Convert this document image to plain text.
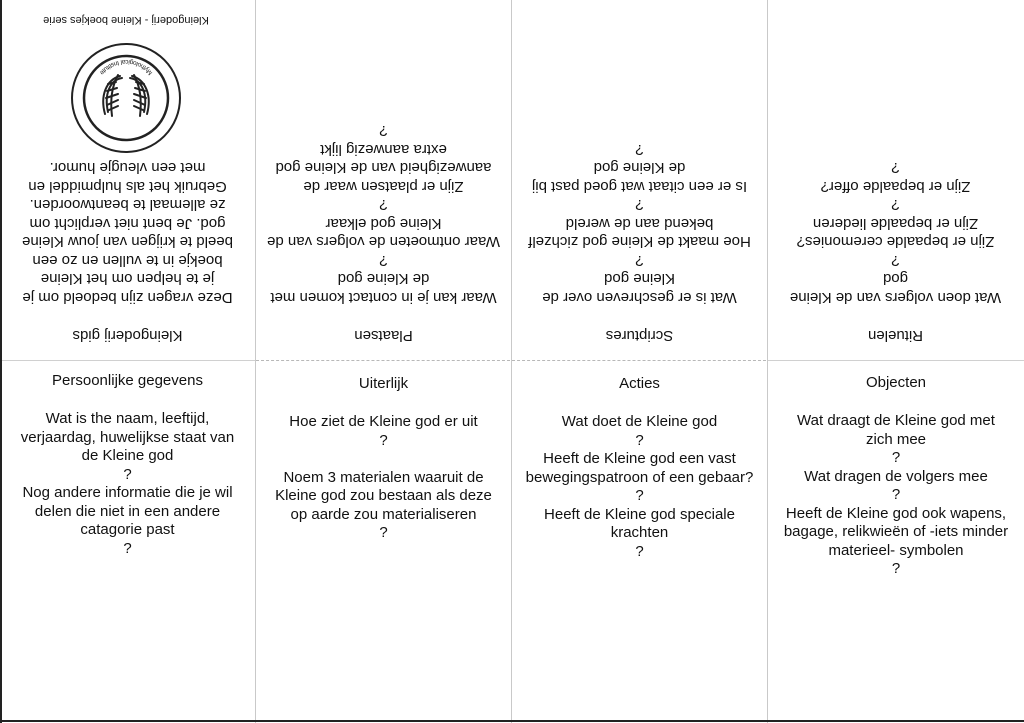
Kleingoderij - Kleine boekjes serie
Mythological Institute
Kleingoderij gids
Deze vragen zijn bedoeld om je
je te helpen om het Kleine
boekje in te vullen en zo een
beeld te krijgen van jouw Kleine
god. Je bent niet verplicht om
ze allemaal te beantwoorden.
Gebruik het als hulpmiddel en
met een vleugje humor.
Plaatsen
Waar kan je in contact komen met
de Kleine god
?
Waar ontmoeten de volgers van de
Kleine god elkaar
?
Zijn er plaatsen waar de
aanwezigheid van de Kleine god
extra aanwezig lijkt
?
Scriptures
Wat is er geschreven over de
Kleine god
?
Hoe maakt de Kleine god zichzelf
bekend aan de wereld
?
Is er een citaat wat goed past bij
de Kleine god
?
Rituelen
Wat doen volgers van de Kleine
god
?
Zijn er bepaalde ceremonies?
Zijn er bepaalde liederen
?
Zijn er bepaalde offer?
?
Persoonlijke gegevens
Wat is the naam, leeftijd,
verjaardag, huwelijkse staat van
de Kleine god
?
Nog andere informatie die je wil
delen die niet in een andere
catagorie past
?
Uiterlijk
Hoe ziet de Kleine god er uit
?
Noem 3 materialen waaruit de
Kleine god zou bestaan als deze
op aarde zou materialiseren
?
Acties
Wat doet de Kleine god
?
Heeft de Kleine god een vast
bewegingspatroon of een gebaar?
?
Heeft de Kleine god speciale
krachten
?
Objecten
Wat draagt de Kleine god met
zich mee
?
Wat dragen de volgers mee
?
Heeft de Kleine god ook wapens,
bagage, relikwieën of -iets minder
materieel- symbolen
?
